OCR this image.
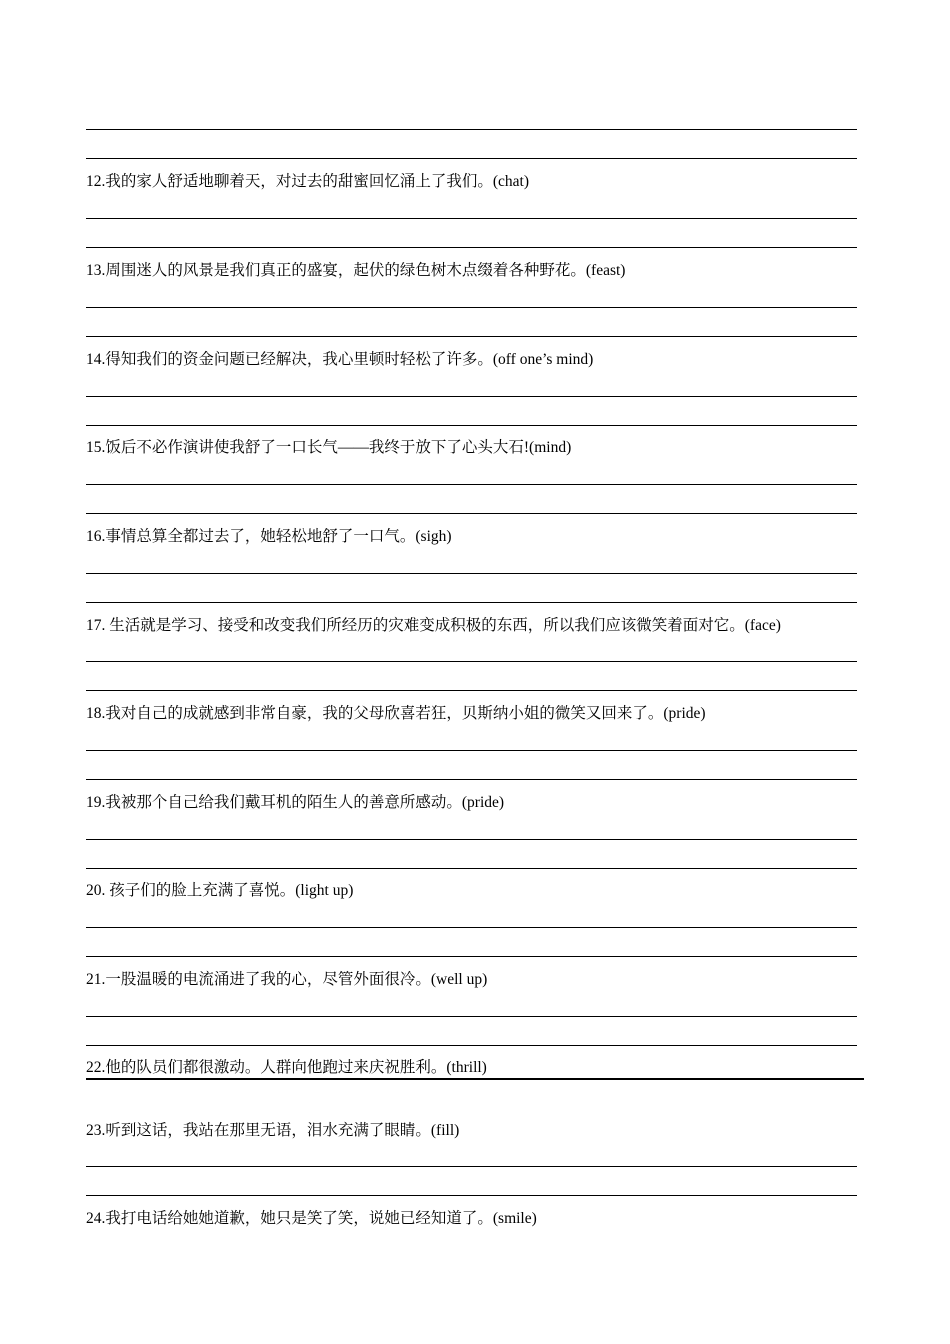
12.我的家人舒适地聊着天，对过去的甜蜜回忆涌上了我们。(chat)
13.周围迷人的风景是我们真正的盛宴，起伏的绿色树木点缀着各种野花。(feast)
14.得知我们的资金问题已经解决，我心里顿时轻松了许多。(off one’s mind)
15.饭后不必作演讲使我舒了一口长气——我终于放下了心头大石!(mind)
16.事情总算全都过去了，她轻松地舒了一口气。(sigh)
17. 生活就是学习、接受和改变我们所经历的灾难变成积极的东西，所以我们应该微笑着面对它。(face)
18.我对自己的成就感到非常自豪，我的父母欣喜若狂，贝斯纳小姐的微笑又回来了。(pride)
19.我被那个自己给我们戴耳机的陌生人的善意所感动。(pride)
20. 孩子们的脸上充满了喜悦。(light up)
21.一股温暖的电流涌进了我的心，尽管外面很冷。(well up)
22.他的队员们都很激动。人群向他跑过来庆祝胜利。(thrill)
23.听到这话，我站在那里无语，泪水充满了眼睛。(fill)
24.我打电话给她她道歉，她只是笑了笑，说她已经知道了。(smile)
